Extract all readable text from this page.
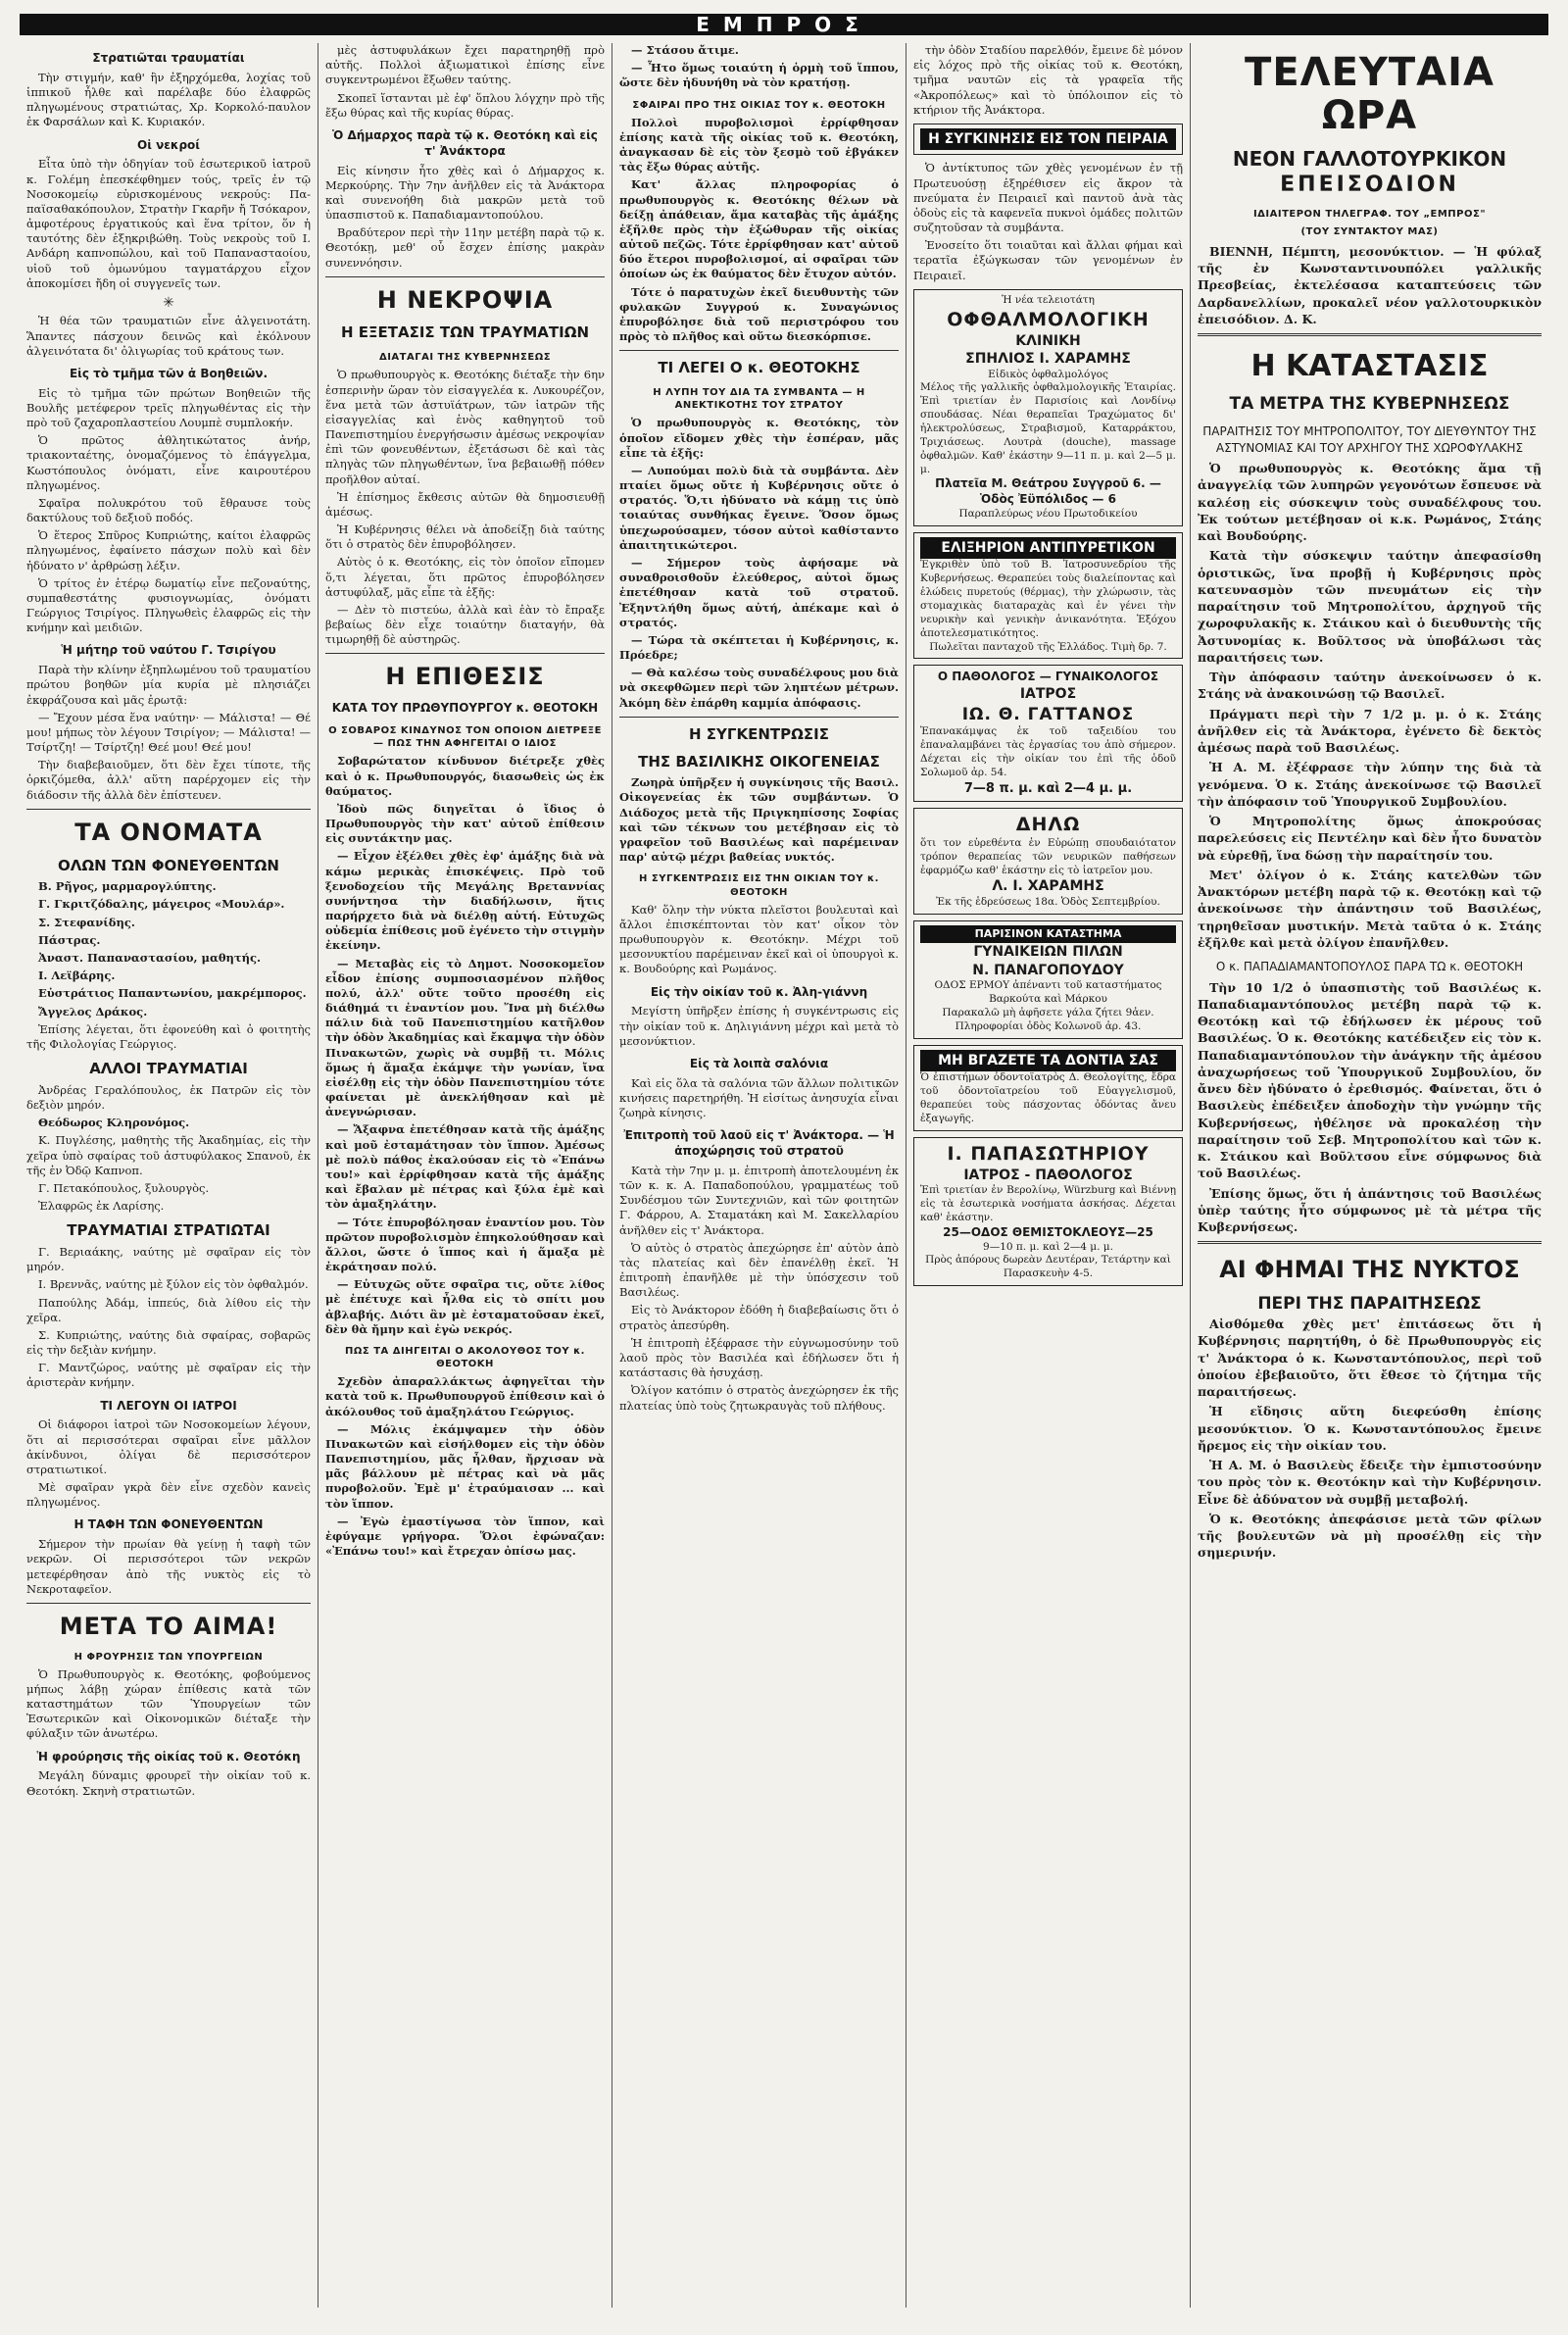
ΕΜΠΡΟΣ
Στρατιῶται τραυματίαι

Τὴν στιγμήν, καθ' ἣν ἐξηρχόμεθα, λοχίας τοῦ ἱππικοῦ ἦλθε καὶ παρέλαβε δύο ἐλαφρῶς πληγωμένους στρατιώτας, Χρ. Κορκολό-παυλον ἐκ Φαρσάλων καὶ Κ. Κυριακόν.

Οἱ νεκροί

Εἶτα ὑπὸ τὴν ὁδηγίαν τοῦ ἐσωτερικοῦ ἰατροῦ κ. Γολέμη ἐπεσκέφθημεν τούς, τρεῖς ἐν τῷ Νοσοκομείῳ εὑρισκομένους νεκρούς: Πα-παϊσαθακόπουλον, Στρατὴν Γκαρῆν ἤ Τσόκαρον, ἀμφοτέρους ἐργατικούς καὶ ἕνα τρίτον, ὅν ἡ ταυτότης δὲν ἐξηκριβώθη. Τοὺς νεκροὺς τοῦ Ι. Ανδάρη καπνοπώλου, καὶ τοῦ Παπανασταοίου, υἱοῦ τοῦ ὁμωνύμου ταγματάρχου εἶχον ἀποκομίσει ἤδη οἱ συγγενεῖς των.

✳

Ἡ θέα τῶν τραυματιῶν εἶνε ἀλγεινοτάτη. Ἅπαντες πάσχουν δεινῶς καὶ ἐκόλνουν ἀλγεινότατα δι' ὀλιγωρίας τοῦ κράτους των.

Εἰς τὸ τμῆμα τῶν ἀ Βοηθειῶν.

Εἰς τὸ τμῆμα τῶν πρώτων Βοηθειῶν τῆς Βουλῆς μετέφερον τρεῖς πληγωθέντας εἰς τὴν πρὸ τοῦ ζαχαροπλαστείου Λουμπὲ συμπλοκήν.

Ὁ πρῶτος ἀθλητικώτατος ἀνήρ, τριακονταέτης, ὀνομαζόμενος τὸ ἐπάγγελμα, Κωστόπουλος ὀνόματι, εἶνε καιρουτέρου πληγωμένος.

Σφαῖρα πολυκρότου τοῦ ἔθραυσε τοὺς δακτύλους τοῦ δεξιοῦ ποδός.

Ὁ ἕτερος Σπῦρος Κυπριώτης, καίτοι ἐλαφρῶς πληγωμένος, ἐφαίνετο πάσχων πολὺ καὶ δὲν ἠδύνατο ν' ἀρθρώσῃ λέξιν.

Ὁ τρίτος ἐν ἑτέρῳ δωματίῳ εἶνε πεζοναύτης, συμπαθεστάτης φυσιογνωμίας, ὀνόματι Γεώργιος Τσιρίγος. Πληγωθεὶς ἐλαφρῶς εἰς τὴν κνήμην καὶ μειδιῶν.

Ἡ μήτηρ τοῦ ναύτου Γ. Τσιρίγου

Παρὰ τὴν κλίνην ἐξηπλωμένου τοῦ τραυματίου πρώτου βοηθῶν μία κυρία μὲ πλησιάζει ἐκφράζουσα καὶ μᾶς ἐρωτᾷ:

— Ἔχουν μέσα ἕνα ναύτην· — Μάλιστα! — Θέ μου! μήπως τὸν λέγουν Τσιρίγον; — Μάλιστα! — Τσίρτζη! — Τσίρτζη! Θεέ μου! Θεέ μου!

Τὴν διαβεβαιοῦμεν, ὅτι δὲν ἔχει τίποτε, τῆς ὁρκιζόμεθα, ἀλλ' αὕτη παρέρχομεν εἰς τὴν διάδοσιν τῆς ἀλλὰ δὲν ἐπίστευεν.

ΤΑ ΟΝΟΜΑΤΑ
ΟΛΩΝ ΤΩΝ ΦΟΝΕΥΘΕΝΤΩΝ

Β. Ρῆγος, μαρμαρογλύπτης.

Γ. Γκριτζόδαλης, μάγειρος «Μουλάρ».

Σ. Στεφανίδης.

Πάστρας.

Ἀναστ. Παπαναστασίου, μαθητής.

Ι. Λεϊβάρης.

Εὐστράτιος Παπαντωνίου, μακρέμπορος.

Ἄγγελος Δράκος.

Ἐπίσης λέγεται, ὅτι ἐφονεύθη καὶ ὁ φοιτητὴς τῆς Φιλολογίας Γεώργιος.

ΑΛΛΟΙ ΤΡΑΥΜΑΤΙΑΙ

Ἀνδρέας Γεραλόπουλος, ἐκ Πατρῶν εἰς τὸν δεξιὸν μηρόν.

Θεόδωρος Κληρονόμος.

Κ. Πυγλέσης, μαθητὴς τῆς Ἀκαδημίας, εἰς τὴν χεῖρα ὑπὸ σφαίρας τοῦ ἀστυφύλακος Σπανοῦ, ἐκ τῆς ἐν Ὀδῷ Καπνοπ.

Γ. Πετακόπουλος, ξυλουργὸς.

Ἐλαφρῶς ἐκ Λαρίσης.

ΤΡΑΥΜΑΤΙΑΙ ΣΤΡΑΤΙΩΤΑΙ

Γ. Βεριαάκης, ναύτης μὲ σφαῖραν εἰς τὸν μηρόν.

Ι. Βρεννᾶς, ναύτης μὲ ξύλον εἰς τὸν ὀφθαλμόν.

Παπούλης Ἀδάμ, ἱππεύς, διὰ λίθου εἰς τὴν χεῖρα.

Σ. Κυπριώτης, ναύτης διὰ σφαίρας, σοβαρῶς εἰς τὴν δεξιὰν κνήμην.

Γ. Μαντζώρος, ναύτης μὲ σφαῖραν εἰς τὴν ἀριστερὰν κνήμην.

ΤΙ ΛΕΓΟΥΝ ΟΙ ΙΑΤΡΟΙ

Οἱ διάφοροι ἰατροὶ τῶν Νοσοκομείων λέγουν, ὅτι αἱ περισσότεραι σφαῖραι εἶνε μᾶλλον ἀκίνδυνοι, ὀλίγαι δὲ περισσότερον στρατιωτικοί.

Μὲ σφαῖραν γκρὰ δὲν εἶνε σχεδὸν κανεὶς πληγωμένος.

Η ΤΑΦΗ ΤΩΝ ΦΟΝΕΥΘΕΝΤΩΝ

Σήμερον τὴν πρωίαν θὰ γείνῃ ἡ ταφὴ τῶν νεκρῶν. Οἱ περισσότεροι τῶν νεκρῶν μετεφέρθησαν ἀπὸ τῆς νυκτὸς εἰς τὸ Νεκροταφεῖον.

ΜΕΤΑ ΤΟ ΑΙΜΑ!
Η ΦΡΟΥΡΗΣΙΣ ΤΩΝ ΥΠΟΥΡΓΕΙΩΝ

Ὁ Πρωθυπουργὸς κ. Θεοτόκης, φοβούμενος μήπως λάβῃ χώραν ἐπίθεσις κατὰ τῶν καταστημάτων τῶν Ὑπουργείων τῶν Ἐσωτερικῶν καὶ Οἰκονομικῶν διέταξε τὴν φύλαξιν τῶν ἀνωτέρω.

Ἡ φρούρησις τῆς οἰκίας τοῦ κ. Θεοτόκη

Μεγάλη δύναμις φρουρεῖ τὴν οἰκίαν τοῦ κ. Θεοτόκη. Σκηνὴ στρατιωτῶν.

μὲς ἀστυφυλάκων ἔχει παρατηρηθῇ πρὸ αὐτῆς. Πολλοὶ ἀξιωματικοὶ ἐπίσης εἶνε συγκεντρωμένοι ἔξωθεν ταύτης.

Σκοπεῖ ἵστανται μὲ ἐφ' ὅπλου λόγχην πρὸ τῆς ἔξω θύρας καὶ τῆς κυρίας θύρας.

Ὁ Δήμαρχος παρὰ τῷ κ. Θεοτόκη καὶ εἰς τ' Ἀνάκτορα

Εἰς κίνησιν ἦτο χθὲς καὶ ὁ Δήμαρχος κ. Μερκούρης. Τὴν 7ην ἀνῆλθεν εἰς τὰ Ἀνάκτορα καὶ συνενοήθη διὰ μακρῶν μετὰ τοῦ ὑπασπιστοῦ κ. Παπαδιαμαντοπούλου.

Βραδύτερον περὶ τὴν 11ην μετέβη παρὰ τῷ κ. Θεοτόκῃ, μεθ' οὗ ἔσχεν ἐπίσης μακρὰν συνεννόησιν.

Η ΝΕΚΡΟΨΙΑ
Η ΕΞΕΤΑΣΙΣ ΤΩΝ ΤΡΑΥΜΑΤΙΩΝ
ΔΙΑΤΑΓΑΙ ΤΗΣ ΚΥΒΕΡΝΗΣΕΩΣ

Ὁ πρωθυπουργὸς κ. Θεοτόκης διέταξε τὴν 6ην ἑσπερινὴν ὥραν τὸν εἰσαγγελέα κ. Λυκουρέζον, ἕνα μετὰ τῶν ἀστυϊάτρων, τῶν ἰατρῶν τῆς εἰσαγγελίας καὶ ἑνὸς καθηγητοῦ τοῦ Πανεπιστημίου ἐνεργήσωσιν ἀμέσως νεκροψίαν ἐπὶ τῶν φονευθέντων, ἐξετάσωσι δὲ καὶ τὰς πληγὰς τῶν πληγωθέντων, ἵνα βεβαιωθῇ πόθεν προῆλθον αὐταί.

Ἡ ἐπίσημος ἔκθεσις αὐτῶν θὰ δημοσιευθῇ ἀμέσως.

Ἡ Κυβέρνησις θέλει νὰ ἀποδείξῃ διὰ ταύτης ὅτι ὁ στρατὸς δὲν ἐπυροβόλησεν.

Αὐτὸς ὁ κ. Θεοτόκης, εἰς τὸν ὁποῖον εἴπομεν ὅ,τι λέγεται, ὅτι πρῶτος ἐπυροβόλησεν ἀστυφύλαξ, μᾶς εἶπε τὰ ἑξῆς:

— Δὲν τὸ πιστεύω, ἀλλὰ καὶ ἐὰν τὸ ἔπραξε βεβαίως δὲν εἶχε τοιαύτην διαταγήν, θὰ τιμωρηθῇ δὲ αὐστηρῶς.

Η ΕΠΙΘΕΣΙΣ
ΚΑΤΑ ΤΟΥ ΠΡΩΘΥΠΟΥΡΓΟΥ κ. ΘΕΟΤΟΚΗ
Ο ΣΟΒΑΡΟΣ ΚΙΝΔΥΝΟΣ ΤΟΝ ΟΠΟΙΟΝ ΔΙΕΤΡΕΞΕ — ΠΩΣ ΤΗΝ ΑΦΗΓΕΙΤΑΙ Ο ΙΔΙΟΣ

Σοβαρώτατον κίνδυνον διέτρεξε χθὲς καὶ ὁ κ. Πρωθυπουργός, διασωθεὶς ὡς ἐκ θαύματος.

Ἰδοὺ πῶς διηγεῖται ὁ ἴδιος ὁ Πρωθυπουργὸς τὴν κατ' αὐτοῦ ἐπίθεσιν εἰς συντάκτην μας.

— Εἶχον ἐξέλθει χθὲς ἐφ' ἁμάξης διὰ νὰ κάμω μερικὰς ἐπισκέψεις. Πρὸ τοῦ ξενοδοχείου τῆς Μεγάλης Βρεταννίας συνήντησα τὴν διαδήλωσιν, ἥτις παρήρχετο διὰ νὰ διέλθῃ αὐτή. Εὐτυχῶς οὐδεμία ἐπίθεσις μοῦ ἐγένετο τὴν στιγμὴν ἐκείνην.

— Μεταβὰς εἰς τὸ Δημοτ. Νοσοκομεῖον εἶδον ἐπίσης συμποσιασμένον πλῆθος πολύ, ἀλλ' οὔτε τοῦτο προσέθη εἰς διάθημά τι ἐναντίον μου. Ἵνα μὴ διέλθω πάλιν διὰ τοῦ Πανεπιστημίου κατῆλθον τὴν ὁδὸν Ἀκαδημίας καὶ ἔκαμψα τὴν ὁδὸν Πινακωτῶν, χωρὶς νὰ συμβῇ τι. Μόλις ὅμως ἡ ἅμαξα ἐκάμψε τὴν γωνίαν, ἴνα εἰσέλθῃ εἰς τὴν ὁδὸν Πανεπιστημίου τότε φαίνεται μὲ ἀνεκλήθησαν καὶ μὲ ἀνεγνώρισαν.

— Ἄξαφνα ἐπετέθησαν κατὰ τῆς ἁμάξης καὶ μοῦ ἐσταμάτησαν τὸν ἵππον. Ἀμέσως μὲ πολὺ πάθος ἐκαλούσαν εἰς τὸ «Ἐπάνω του!» καὶ ἐρρίφθησαν κατὰ τῆς ἁμάξης καὶ ἔβαλαν μὲ πέτρας καὶ ξύλα ἐμὲ καὶ τὸν ἀμαξηλάτην.

— Τότε ἐπυροβόλησαν ἐναντίον μου. Τὸν πρῶτον πυροβολισμὸν ἐπηκολούθησαν καὶ ἄλλοι, ὥστε ὁ ἵππος καὶ ἡ ἅμαξα μὲ ἐκράτησαν πολύ.

— Εὐτυχῶς οὔτε σφαῖρα τις, οὔτε λίθος μὲ ἐπέτυχε καὶ ἦλθα εἰς τὸ σπίτι μου ἀβλαβής. Διότι ἂν μὲ ἐσταματοῦσαν ἐκεῖ, δὲν θὰ ἤμην καὶ ἐγὼ νεκρός.

ΠΩΣ ΤΑ ΔΙΗΓΕΙΤΑΙ Ο ΑΚΟΛΟΥΘΟΣ ΤΟΥ κ. ΘΕΟΤΟΚΗ

Σχεδὸν ἀπαραλλάκτως ἀφηγεῖται τὴν κατὰ τοῦ κ. Πρωθυπουργοῦ ἐπίθεσιν καὶ ὁ ἀκόλουθος τοῦ ἀμαξηλάτου Γεώργιος.

— Μόλις ἐκάμψαμεν τὴν ὁδὸν Πινακωτῶν καὶ εἰσήλθομεν εἰς τὴν ὁδὸν Πανεπιστημίου, μᾶς ἦλθαν, ἤρχισαν νὰ μᾶς βάλλουν μὲ πέτρας καὶ νὰ μᾶς πυροβολοῦν. Ἐμὲ μ' ἐτραύμαισαν ... καὶ τὸν ἵππον.

— Ἐγὼ ἐμαστίγωσα τὸν ἵππον, καὶ ἐφύγαμε γρήγορα. Ὅλοι ἐφώναζαν: «Ἐπάνω του!» καὶ ἔτρεχαν ὀπίσω μας.

— Στάσου ἄτιμε.

— Ἦτο ὅμως τοιαύτη ἡ ὁρμὴ τοῦ ἵππου, ὥστε δὲν ἠδυνήθη νὰ τὸν κρατήσῃ.

ΣΦΑΙΡΑΙ ΠΡΟ ΤΗΣ ΟΙΚΙΑΣ ΤΟΥ κ. ΘΕΟΤΟΚΗ

Πολλοὶ πυροβολισμοὶ ἐρρίφθησαν ἐπίσης κατὰ τῆς οἰκίας τοῦ κ. Θεοτόκη, ἀναγκασαν δὲ εἰς τὸν ξεσμὸ τοῦ ἐβγάκεν τὰς ἔξω θύρας αὐτῆς.

Κατ' ἄλλας πληροφορίας ὁ πρωθυπουργὸς κ. Θεοτόκης θέλων νὰ δείξῃ ἀπάθειαν, ἅμα καταβὰς τῆς ἁμάξης ἐξῆλθε πρὸς τὴν ἐξώθυραν τῆς οἰκίας αὐτοῦ πεζῶς. Τότε ἐρρίφθησαν κατ' αὐτοῦ δύο ἕτεροι πυροβολισμοί, αἱ σφαῖραι τῶν ὁποίων ὡς ἐκ θαύματος δὲν ἔτυχον αὐτόν.

Τότε ὁ παρατυχὼν ἐκεῖ διευθυντὴς τῶν φυλακῶν Συγγρού κ. Συναγώνιος ἐπυροβόλησε διὰ τοῦ περιστρόφου του πρὸς τὸ πλῆθος καὶ οὕτω διεσκόρπισε.

ΤΙ ΛΕΓΕΙ Ο κ. ΘΕΟΤΟΚΗΣ
Η ΛΥΠΗ ΤΟΥ ΔΙΑ ΤΑ ΣΥΜΒΑΝΤΑ — Η ΑΝΕΚΤΙΚΟΤΗΣ ΤΟΥ ΣΤΡΑΤΟΥ

Ὁ πρωθυπουργὸς κ. Θεοτόκης, τὸν ὁποῖον εἴδομεν χθὲς τὴν ἑσπέραν, μᾶς εἶπε τὰ ἑξῆς:

— Λυπούμαι πολὺ διὰ τὰ συμβάντα. Δὲν πταίει ὅμως οὔτε ἡ Κυβέρνησις οὔτε ὁ στρατός. Ὅ,τι ἠδύνατο νὰ κάμῃ τις ὑπὸ τοιαύτας συνθήκας ἔγεινε. Ὅσον ὅμως ὑπεχωρούσαμεν, τόσον αὐτοὶ καθίσταντο ἀπαιτητικώτεροι.

— Σήμερον τοὺς ἀφήσαμε νὰ συναθροισθοῦν ἐλεύθερος, αὐτοὶ ὅμως ἐπετέθησαν κατὰ τοῦ στρατοῦ. Ἐξηντλήθη ὅμως αὐτή, ἀπέκαμε καὶ ὁ στρατός.

— Τώρα τὰ σκέπτεται ἡ Κυβέρνησις, κ. Πρόεδρε;

— Θὰ καλέσω τοὺς συναδέλφους μου διὰ νὰ σκεφθῶμεν περὶ τῶν ληπτέων μέτρων. Ἀκόμη δὲν ἐπάρθη καμμία ἀπόφασις.

Η ΣΥΓΚΕΝΤΡΩΣΙΣ
ΤΗΣ ΒΑΣΙΛΙΚΗΣ ΟΙΚΟΓΕΝΕΙΑΣ

Ζωηρὰ ὑπῆρξεν ἡ συγκίνησις τῆς Βασιλ. Οἰκογενείας ἐκ τῶν συμβάντων. Ὁ Διάδοχος μετὰ τῆς Πριγκηπίσσης Σοφίας καὶ τῶν τέκνων του μετέβησαν εἰς τὸ γραφεῖον τοῦ Βασιλέως καὶ παρέμειναν παρ' αὐτῷ μέχρι βαθείας νυκτός.

Η ΣΥΓΚΕΝΤΡΩΣΙΣ ΕΙΣ ΤΗΝ ΟΙΚΙΑΝ ΤΟΥ κ. ΘΕΟΤΟΚΗ

Καθ' ὅλην τὴν νύκτα πλεῖστοι βουλευταὶ καὶ ἄλλοι ἐπισκέπτονται τὸν κατ' οἶκον τὸν πρωθυπουργὸν κ. Θεοτόκην. Μέχρι τοῦ μεσονυκτίου παρέμειναν ἐκεῖ καὶ οἱ ὑπουργοὶ κ. κ. Βουδούρης καὶ Ρωμάνος.

Εἰς τὴν οἰκίαν τοῦ κ. Ἀλη-γιάννη

Μεγίστη ὑπῆρξεν ἐπίσης ἡ συγκέντρωσις εἰς τὴν οἰκίαν τοῦ κ. Δηλιγιάννη μέχρι καὶ μετὰ τὸ μεσονύκτιον.

Εἰς τὰ λοιπὰ σαλόνια

Καὶ εἰς ὅλα τὰ σαλόνια τῶν ἄλλων πολιτικῶν κινήσεις παρετηρήθη. Ἡ εἰσίτως ἀνησυχία εἶναι ζωηρὰ κίνησις.

Ἐπιτροπὴ τοῦ λαοῦ εἰς τ' Ἀνάκτορα. — Ἡ ἀποχώρησις τοῦ στρατοῦ

Κατὰ τὴν 7ην μ. μ. ἐπιτροπὴ ἀποτελουμένη ἐκ τῶν κ. κ. Α. Παπαδοπούλου, γραμματέως τοῦ Συνδέσμου τῶν Συντεχνιῶν, καὶ τῶν φοιτητῶν Γ. Φάρρου, Α. Σταματάκη καὶ Μ. Σακελλαρίου ἀνῆλθεν εἰς τ' Ἀνάκτορα.

Ὁ αὐτὸς ὁ στρατὸς ἀπεχώρησε ἐπ' αὐτὸν ἀπὸ τὰς πλατείας καὶ δὲν ἐπανέλθῃ ἐκεῖ. Ἡ ἐπιτροπὴ ἐπανῆλθε μὲ τὴν ὑπόσχεσιν τοῦ Βασιλέως.

Εἰς τὸ Ἀνάκτορον ἐδόθη ἡ διαβεβαίωσις ὅτι ὁ στρατὸς ἀπεσύρθη.

Ἡ ἐπιτροπὴ ἐξέφρασε τὴν εὐγνωμοσύνην τοῦ λαοῦ πρὸς τὸν Βασιλέα καὶ ἐδήλωσεν ὅτι ἡ κατάστασις θὰ ἡσυχάσῃ.

Ὀλίγον κατόπιν ὁ στρατὸς ἀνεχώρησεν ἐκ τῆς πλατείας ὑπὸ τοὺς ζητωκραυγὰς τοῦ πλήθους.

τὴν ὁδὸν Σταδίου παρελθόν, ἔμεινε δὲ μόνον εἰς λόχος πρὸ τῆς οἰκίας τοῦ κ. Θεοτόκη, τμῆμα ναυτῶν εἰς τὰ γραφεῖα τῆς «Ἀκροπόλεως» καὶ τὸ ὑπόλοιπον εἰς τὸ κτήριον τῆς Ἀνάκτορα.

Η ΣΥΓΚΙΝΗΣΙΣ ΕΙΣ ΤΟΝ ΠΕΙΡΑΙΑ

Ὁ ἀντίκτυπος τῶν χθὲς γενομένων ἐν τῇ Πρωτευούσῃ ἐξηρέθισεν εἰς ἄκρον τὰ πνεύματα ἐν Πειραιεῖ καὶ παντοῦ ἀνὰ τὰς ὁδοὺς εἰς τὰ καφενεῖα πυκνοὶ ὁμάδες πολιτῶν συζητοῦσαν τὰ συμβάντα.

Ἐνοσείτο ὅτι τοιαῦται καὶ ἄλλαι φήμαι καὶ τερατῖα ἐξώγκωσαν τῶν γενομένων ἐν Πειραιεῖ.

Ἡ νέα τελειοτάτη
ΟΦΘΑΛΜΟΛΟΓΙΚΗ
ΚΛΙΝΙΚΗ
ΣΠΗΛΙΟΣ Ι. ΧΑΡΑΜΗΣ
Εἰδικὸς ὀφθαλμολόγος
Μέλος τῆς γαλλικῆς ὀφθαλμολογικῆς Ἑταιρίας. Ἐπὶ τριετίαν ἐν Παρισίοις καὶ Λονδίνῳ σπουδάσας. Νέαι θεραπεῖαι Τραχώματος δι' ἠλεκτρολύσεως, Στραβισμοῦ, Καταρράκτου, Τριχιάσεως. Λουτρὰ (douche), massage ὀφθαλμῶν. Καθ' ἑκάστην 9—11 π. μ. καὶ 2—5 μ. μ.
Πλατεῖα Μ. Θεάτρου Συγγροῦ 6. — Ὁδὸς Ἐϋπόλιδος — 6
Παραπλεύρως νέου Πρωτοδικείου
ΕΛΙΞΗΡΙΟΝ ΑΝΤΙΠΥΡΕΤΙΚΟΝ
Ἐγκριθὲν ὑπὸ τοῦ Β. Ἰατροσυνεδρίου τῆς Κυβερνήσεως. Θεραπεύει τοὺς διαλείποντας καὶ ἐλώδεις πυρετούς (θέρμας), τὴν χλώρωσιν, τὰς στομαχικὰς διαταραχὰς καὶ ἐν γένει τὴν νευρικὴν καὶ γενικὴν ἀνικανότητα. Ἐξόχου ἀποτελεσματικότητος.
Πωλεῖται πανταχοῦ τῆς Ἑλλάδος. Τιμὴ δρ. 7.
Ο ΠΑΘΟΛΟΓΟΣ — ΓΥΝΑΙΚΟΛΟΓΟΣ
ΙΑΤΡΟΣ
ΙΩ. Θ. ΓΑΤΤΑΝΟΣ
Ἐπανακάμψας ἐκ τοῦ ταξειδίου του ἐπαναλαμβάνει τὰς ἐργασίας του ἀπὸ σήμερον. Δέχεται εἰς τὴν οἰκίαν του ἐπὶ τῆς ὁδοῦ Σολωμοῦ ἀρ. 54.
7—8 π. μ. καὶ 2—4 μ. μ.
ΔΗΛΩ
ὅτι τον εὑρεθέντα ἐν Εὐρώπῃ σπουδαιότατον τρόπον θεραπείας τῶν νευρικῶν παθήσεων ἐφαρμόζω καθ' ἑκάστην εἰς τὸ ἰατρεῖον μου.
Λ. Ι. ΧΑΡΑΜΗΣ
Ἐκ τῆς ἑδρεύσεως 18α. Ὁδὸς Σεπτεμβρίου.
ΠΑΡΙΣΙΝΟΝ ΚΑΤΑΣΤΗΜΑ
ΓΥΝΑΙΚΕΙΩΝ ΠΙΛΩΝ
Ν. ΠΑΝΑΓΟΠΟΥΔΟΥ
ΟΔΟΣ ΕΡΜΟΥ ἀπέναντι τοῦ καταστήματος Βαρκούτα καὶ Μάρκου
Παρακαλῶ μὴ ἀφῆσετε γάλα ζήτει 9ἀεν. Πληροφορίαι ὁδὸς Κολωνοῦ ἀρ. 43.
ΜΗ ΒΓΑΖΕΤΕ ΤΑ ΔΟΝΤΙΑ ΣΑΣ
Ὁ ἐπιστήμων ὀδοντοϊατρὸς Δ. Θεολογίτης, ἔδρα τοῦ ὀδοντοϊατρείου τοῦ Εὐαγγελισμοῦ, θεραπεύει τοὺς πάσχοντας ὀδόντας ἄνευ ἐξαγωγῆς.
Ι. ΠΑΠΑΣΩΤΗΡΙΟΥ
ΙΑΤΡΟΣ - ΠΑΘΟΛΟΓΟΣ
Ἐπὶ τριετίαν ἐν Βερολίνῳ, Würzburg καὶ Βιέννῃ εἰς τὰ ἐσωτερικὰ νοσήματα ἀσκήσας. Δέχεται καθ' ἑκάστην.
25—ΟΔΟΣ ΘΕΜΙΣΤΟΚΛΕΟΥΣ—25
9—10 π. μ. καὶ 2—4 μ. μ.
Πρὸς ἀπόρους δωρεὰν Δευτέραν, Τετάρτην καὶ Παρασκευὴν 4-5.
ΤΕΛΕΥΤΑΙΑ ΩΡΑ
ΝΕΟΝ ΓΑΛΛΟΤΟΥΡΚΙΚΟΝ
ΕΠΕΙΣΟΔΙΟΝ
ΙΔΙΑΙΤΕΡΟΝ ΤΗΛΕΓΡΑΦ. ΤΟΥ „ΕΜΠΡΟΣ"
(ΤΟΥ ΣΥΝΤΑΚΤΟΥ ΜΑΣ)

ΒΙΕΝΝΗ, Πέμπτη, μεσονύκτιον. — Ἡ φύλαξ τῆς ἐν Κωνσταντινουπόλει γαλλικῆς Πρεσβείας, ἐκτελέσασα καταπτεύσεις τῶν Δαρδανελλίων, προκαλεῖ νέον γαλλοτουρκικὸν ἐπεισόδιον. Δ. Κ.

Η ΚΑΤΑΣΤΑΣΙΣ
ΤΑ ΜΕΤΡΑ ΤΗΣ ΚΥΒΕΡΝΗΣΕΩΣ
ΠΑΡΑΙΤΗΣΙΣ ΤΟΥ ΜΗΤΡΟΠΟΛΙΤΟΥ, ΤΟΥ ΔΙΕΥΘΥΝΤΟΥ ΤΗΣ ΑΣΤΥΝΟΜΙΑΣ ΚΑΙ ΤΟΥ ΑΡΧΗΓΟΥ ΤΗΣ ΧΩΡΟΦΥΛΑΚΗΣ

Ὁ πρωθυπουργὸς κ. Θεοτόκης ἅμα τῇ ἀναγγελίᾳ τῶν λυπηρῶν γεγονότων ἔσπευσε νὰ καλέσῃ εἰς σύσκεψιν τοὺς συναδέλφους του. Ἐκ τούτων μετέβησαν οἱ κ.κ. Ρωμάνος, Στάης καὶ Βουδούρης.

Κατὰ τὴν σύσκεψιν ταύτην ἀπεφασίσθη ὁριστικῶς, ἵνα προβῇ ἡ Κυβέρνησις πρὸς κατευνασμὸν τῶν πνευμάτων εἰς τὴν παραίτησιν τοῦ Μητροπολίτου, ἀρχηγοῦ τῆς χωροφυλακῆς κ. Στάικου καὶ ὁ διευθυντὴς τῆς Ἀστυνομίας κ. Βοῦλτσος νὰ ὑποβάλωσι τὰς παραιτήσεις των.

Τὴν ἀπόφασιν ταύτην ἀνεκοίνωσεν ὁ κ. Στάης νὰ ἀνακοινώσῃ τῷ Βασιλεῖ.

Πράγματι περὶ τὴν 7 1/2 μ. μ. ὁ κ. Στάης ἀνῆλθεν εἰς τὰ Ἀνάκτορα, ἐγένετο δὲ δεκτὸς ἀμέσως παρὰ τοῦ Βασιλέως.

Ἡ Α. Μ. ἐξέφρασε τὴν λύπην της διὰ τὰ γενόμενα. Ὁ κ. Στάης ἀνεκοίνωσε τῷ Βασιλεῖ τὴν ἀπόφασιν τοῦ Ὑπουργικοῦ Συμβουλίου.

Ὁ Μητροπολίτης ὅμως ἀποκρούσας παρελεύσεις εἰς Πεντέλην καὶ δὲν ἦτο δυνατὸν νὰ εὑρεθῇ, ἵνα δώσῃ τὴν παραίτησίν του.

Μετ' ὀλίγον ὁ κ. Στάης κατελθὼν τῶν Ἀνακτόρων μετέβη παρὰ τῷ κ. Θεοτόκῃ καὶ τῷ ἀνεκοίνωσε τὴν ἀπάντησιν τοῦ Βασιλέως, τηρηθεῖσαν μυστικήν. Μετὰ ταῦτα ὁ κ. Στάης ἐξῆλθε καὶ μετὰ ὀλίγον ἐπανῆλθεν.

Ο κ. ΠΑΠΑΔΙΑΜΑΝΤΟΠΟΥΛΟΣ ΠΑΡΑ ΤΩ κ. ΘΕΟΤΟΚΗ

Τὴν 10 1/2 ὁ ὑπασπιστὴς τοῦ Βασιλέως κ. Παπαδιαμαντόπουλος μετέβη παρὰ τῷ κ. Θεοτόκῃ καὶ τῷ ἐδήλωσεν ἐκ μέρους τοῦ Βασιλέως. Ὁ κ. Θεοτόκης κατέδειξεν εἰς τὸν κ. Παπαδιαμαντόπουλον τὴν ἀνάγκην τῆς ἀμέσου ἀναχωρήσεως τοῦ Ὑπουργικοῦ Συμβουλίου, ὅν ἄνευ δὲν ἠδύνατο ὁ ἐρεθισμός. Φαίνεται, ὅτι ὁ Βασιλεὺς ἐπέδειξεν ἀποδοχὴν τὴν γνώμην τῆς Κυβερνήσεως, ἠθέλησε νὰ προκαλέσῃ τὴν παραίτησιν τοῦ Σεβ. Μητροπολίτου καὶ τῶν κ. κ. Στάικου καὶ Βοῦλτσου εἶνε σύμφωνος διὰ τοῦ Βασιλέως.

Ἐπίσης ὅμως, ὅτι ἡ ἀπάντησις τοῦ Βασιλέως ὑπὲρ ταύτης ἦτο σύμφωνος μὲ τὰ μέτρα τῆς Κυβερνήσεως.

ΑΙ ΦΗΜΑΙ ΤΗΣ ΝΥΚΤΟΣ
ΠΕΡΙ ΤΗΣ ΠΑΡΑΙΤΗΣΕΩΣ

Αἰσθόμεθα χθὲς μετ' ἐπιτάσεως ὅτι ἡ Κυβέρνησις παρητήθη, ὁ δὲ Πρωθυπουργὸς εἰς τ' Ἀνάκτορα ὁ κ. Κωνσταντόπουλος, περὶ τοῦ ὁποίου ἐβεβαιοῦτο, ὅτι ἔθεσε τὸ ζήτημα τῆς παραιτήσεως.

Ἡ εἴδησις αὕτη διεφεύσθη ἐπίσης μεσονύκτιον. Ὁ κ. Κωνσταντόπουλος ἔμεινε ἤρεμος εἰς τὴν οἰκίαν του.

Ἡ Α. Μ. ὁ Βασιλεὺς ἔδειξε τὴν ἐμπιστοσύνην του πρὸς τὸν κ. Θεοτόκην καὶ τὴν Κυβέρνησιν. Εἶνε δὲ ἀδύνατον νὰ συμβῇ μεταβολή.

Ὁ κ. Θεοτόκης ἀπεφάσισε μετὰ τῶν φίλων τῆς βουλευτῶν νὰ μὴ προσέλθῃ εἰς τὴν σημερινήν.
